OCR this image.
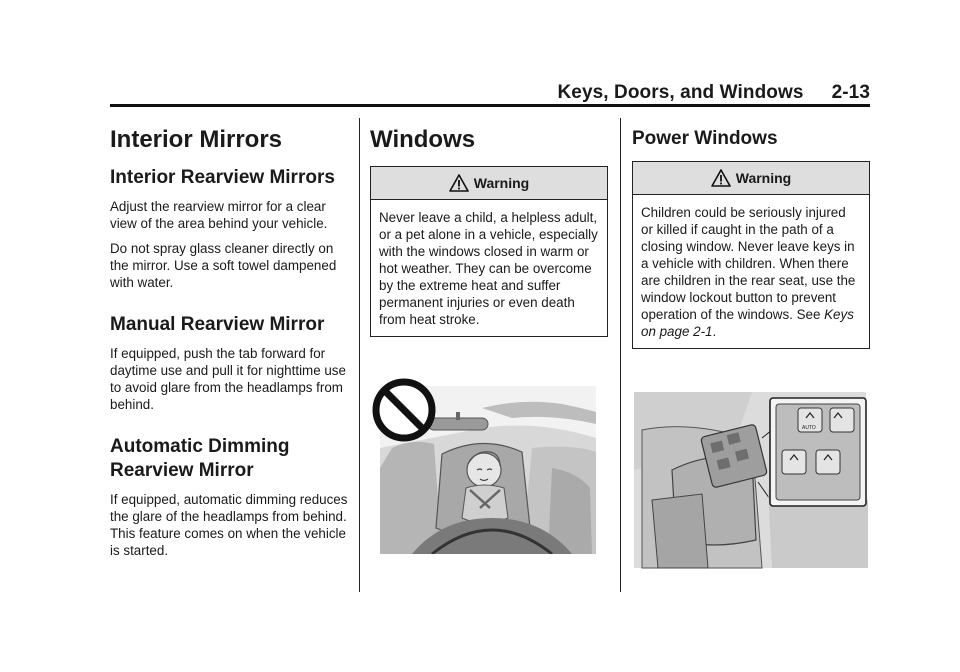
Keys, Doors, and Windows 2-13
Interior Mirrors
Interior Rearview Mirrors

Adjust the rearview mirror for a clear view of the area behind your vehicle.

Do not spray glass cleaner directly on the mirror. Use a soft towel dampened with water.

Manual Rearview Mirror

If equipped, push the tab forward for daytime use and pull it for nighttime use to avoid glare from the headlamps from behind.

Automatic Dimming Rearview Mirror

If equipped, automatic dimming reduces the glare of the headlamps from behind. This feature comes on when the vehicle is started.

Windows
Warning
Never leave a child, a helpless adult, or a pet alone in a vehicle, especially with the windows closed in warm or hot weather. They can be overcome by the extreme heat and suffer permanent injuries or even death from heat stroke.
Power Windows
Warning
Children could be seriously injured or killed if caught in the path of a closing window. Never leave keys in a vehicle with children. When there are children in the rear seat, use the window lockout button to prevent operation of the windows. See Keys on page 2-1.
AUTO
